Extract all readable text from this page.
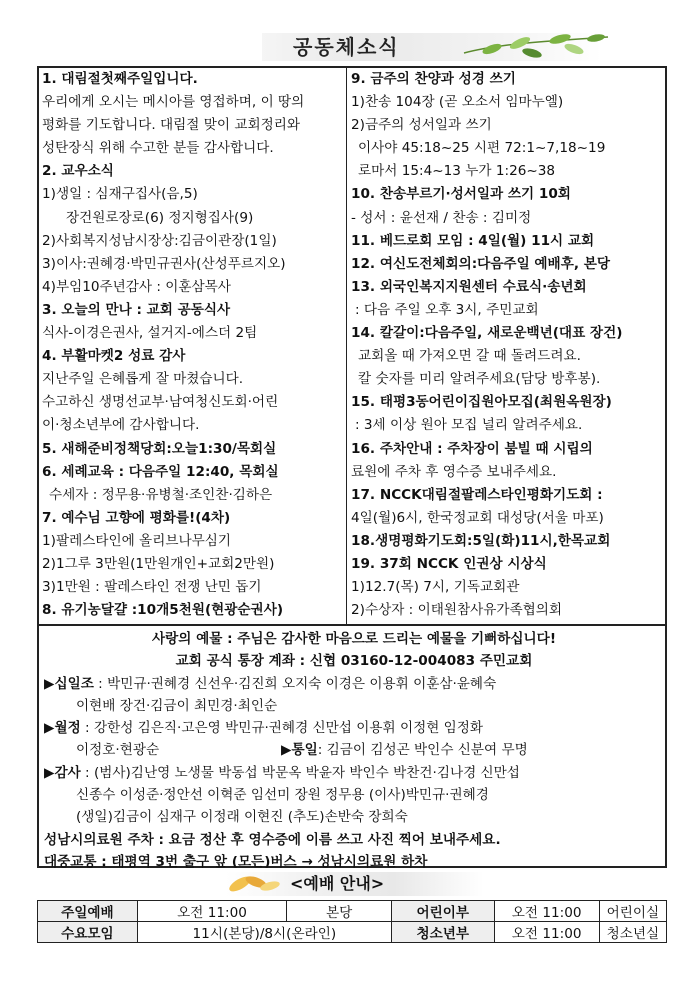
공동체소식
1. 대림절첫째주일입니다.
우리에게 오시는 메시아를 영접하며, 이 땅의
평화를 기도합니다. 대림절 맞이 교회정리와
성탄장식 위해 수고한 분들 감사합니다.
2. 교우소식
1)생일 : 심재구집사(음,5)
장건원로장로(6) 정지형집사(9)
2)사회복지성남시장상:김금이관장(1일)
3)이사:권혜경·박민규권사(산성푸르지오)
4)부임10주년감사 : 이훈삼목사
3. 오늘의 만나 : 교회 공동식사
식사-이경은권사, 설거지-에스더 2팀
4. 부활마켓2 성료 감사
지난주일 은혜롭게 잘 마쳤습니다.
수고하신 생명선교부·남여청신도회·어린
이·청소년부에 감사합니다.
5. 새해준비정책당회:오늘1:30/목회실
6. 세례교육 : 다음주일 12:40, 목회실
수세자 : 정무용·유병철·조인찬·김하은
7. 예수님 고향에 평화를!(4차)
1)팔레스타인에 올리브나무심기
2)1그루 3만원(1만원개인+교회2만원)
3)1만원 : 팔레스타인 전쟁 난민 돕기
8. 유기농달걀 :10개5천원(현광순권사)
9. 금주의 찬양과 성경 쓰기
1)찬송 104장 (곧 오소서 임마누엘)
2)금주의 성서일과 쓰기
이사야 45:18~25 시편 72:1~7,18~19
로마서 15:4~13 누가 1:26~38
10. 찬송부르기·성서일과 쓰기 10회
- 성서 : 윤선재 / 찬송 : 김미정
11. 베드로회 모임 : 4일(월) 11시 교회
12. 여신도전체회의:다음주일 예배후, 본당
13. 외국인복지지원센터 수료식·송년회
: 다음 주일 오후 3시, 주민교회
14. 칼갈이:다음주일, 새로운백년(대표 장건)
교회올 때 가져오면 갈 때 돌려드려요.
칼 숫자를 미리 알려주세요(담당 방후봉).
15. 태평3동어린이집원아모집(최원옥원장)
: 3세 이상 원아 모집 널리 알려주세요.
16. 주차안내 : 주차장이 붐빌 때 시립의
료원에 주차 후 영수증 보내주세요.
17. NCCK대림절팔레스타인평화기도회 :
4일(월)6시, 한국정교회 대성당(서울 마포)
18.생명평화기도회:5일(화)11시,한목교회
19. 37회 NCCK 인권상 시상식
1)12.7(목) 7시, 기독교회관
2)수상자 : 이태원참사유가족협의회
사랑의 예물 : 주님은 감사한 마음으로 드리는 예물을 기뻐하십니다!
교회 공식 통장 계좌 : 신협 03160-12-004083 주민교회
▶십일조 : 박민규·권혜경 신선우·김진희 오지숙 이경은 이용휘 이훈삼·윤혜숙
이현배 장건·김금이 최민경·최인순
▶월정 : 강한성 김은직·고은영 박민규·권혜경 신만섭 이용휘 이정현 임정화
이정호·현광순	▶통일 : 김금이 김성곤 박인수 신분여 무명
▶감사 : (범사)김난영 노생물 박동섭 박문옥 박윤자 박인수 박찬건·김나경 신만섭
신종수 이성준·정안선 이혁준 임선미 장원 정무용 (이사)박민규·권혜경
(생일)김금이 심재구 이정래 이현진 (추도)손반숙 장희숙
성남시의료원 주차 : 요금 정산 후 영수증에 이름 쓰고 사진 찍어 보내주세요.
대중교통 : 태평역 3번 출구 앞 (모든)버스 → 성남시의료원 하차
<예배 안내>
주일예배	오전 11:00	본당	어린이부	오전 11:00	어린이실
수요모임	11시(본당)/8시(온라인)		청소년부	오전 11:00	청소년실
